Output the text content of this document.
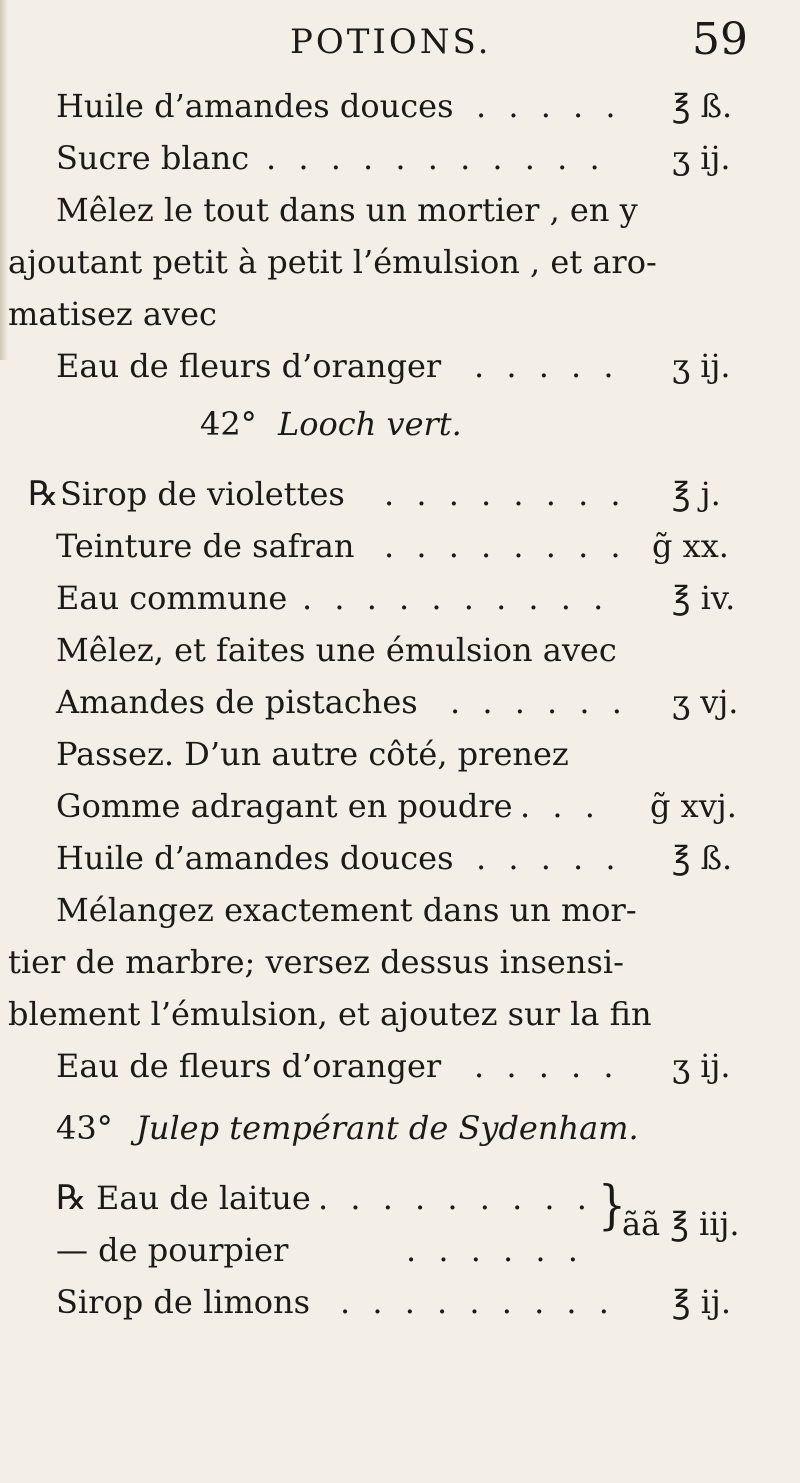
POTIONS.	59
Huile d’amandes douces . . . . . ℥ ß.
Sucre blanc . . . . . . . . . . . ʒ ij.
Mêlez le tout dans un mortier , en y
ajoutant petit à petit l’émulsion , et aro-
matisez avec
Eau de fleurs d’oranger . . . . . ʒ ij.
42° Looch vert.
℞ Sirop de violettes . . . . . . . . ℥ j.
Teinture de safran . . . . . . . . g̃ xx.
Eau commune . . . . . . . . . . ℥ iv.
Mêlez, et faites une émulsion avec
Amandes de pistaches . . . . . . ʒ vj.
Passez. D’un autre côté, prenez
Gomme adragant en poudre . . . g̃ xvj.
Huile d’amandes douces . . . . . ℥ ß.
Mélangez exactement dans un mor-
tier de marbre; versez dessus insensi-
blement l’émulsion, et ajoutez sur la fin
Eau de fleurs d’oranger . . . . . ʒ ij.
43° Julep tempérant de Sydenham.
℞ Eau de laitue . . . . . . . . .
— de pourpier	. . . . . .
}
ãã ℥ iij.
Sirop de limons . . . . . . . . . ℥ ij.
